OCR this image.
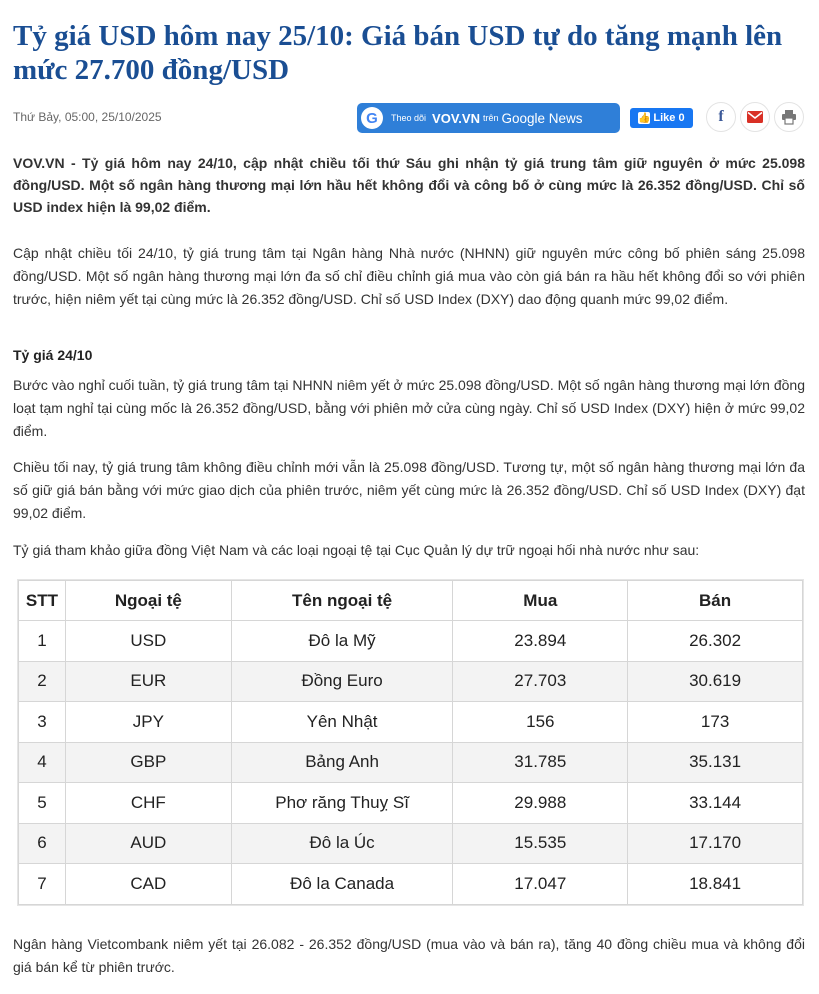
Tỷ giá USD hôm nay 25/10: Giá bán USD tự do tăng mạnh lên mức 27.700 đồng/USD
Thứ Bảy, 05:00, 25/10/2025	G	Theo dõi VOV.VN trên Google News	👍 Like 0 f

VOV.VN - Tỷ giá hôm nay 24/10, cập nhật chiều tối thứ Sáu ghi nhận tỷ giá trung tâm giữ nguyên ở mức 25.098 đồng/USD. Một số ngân hàng thương mại lớn hầu hết không đổi và công bố ở cùng mức là 26.352 đồng/USD. Chỉ số USD index hiện là 99,02 điểm.

Cập nhật chiều tối 24/10, tỷ giá trung tâm tại Ngân hàng Nhà nước (NHNN) giữ nguyên mức công bố phiên sáng 25.098 đồng/USD. Một số ngân hàng thương mại lớn đa số chỉ điều chỉnh giá mua vào còn giá bán ra hầu hết không đổi so với phiên trước, hiện niêm yết tại cùng mức là 26.352 đồng/USD. Chỉ số USD Index (DXY) dao động quanh mức 99,02 điểm.

Tỷ giá 24/10

Bước vào nghỉ cuối tuần, tỷ giá trung tâm tại NHNN niêm yết ở mức 25.098 đồng/USD. Một số ngân hàng thương mại lớn đồng loạt tạm nghỉ tại cùng mốc là 26.352 đồng/USD, bằng với phiên mở cửa cùng ngày. Chỉ số USD Index (DXY) hiện ở mức 99,02 điểm.

Chiều tối nay, tỷ giá trung tâm không điều chỉnh mới vẫn là 25.098 đồng/USD. Tương tự, một số ngân hàng thương mại lớn đa số giữ giá bán bằng với mức giao dịch của phiên trước, niêm yết cùng mức là 26.352 đồng/USD. Chỉ số USD Index (DXY) đạt 99,02 điểm.

Tỷ giá tham khảo giữa đồng Việt Nam và các loại ngoại tệ tại Cục Quản lý dự trữ ngoại hối nhà nước như sau:

STT	Ngoại tệ	Tên ngoại tệ	Mua	Bán
1	USD	Đô la Mỹ	23.894	26.302
2	EUR	Đồng Euro	27.703	30.619
3	JPY	Yên Nhật	156	173
4	GBP	Bảng Anh	31.785	35.131
5	CHF	Phơ răng Thuỵ Sĩ	29.988	33.144
6	AUD	Đô la Úc	15.535	17.170
7	CAD	Đô la Canada	17.047	18.841

Ngân hàng Vietcombank niêm yết tại 26.082 - 26.352 đồng/USD (mua vào và bán ra), tăng 40 đồng chiều mua và không đổi giá bán kể từ phiên trước.
